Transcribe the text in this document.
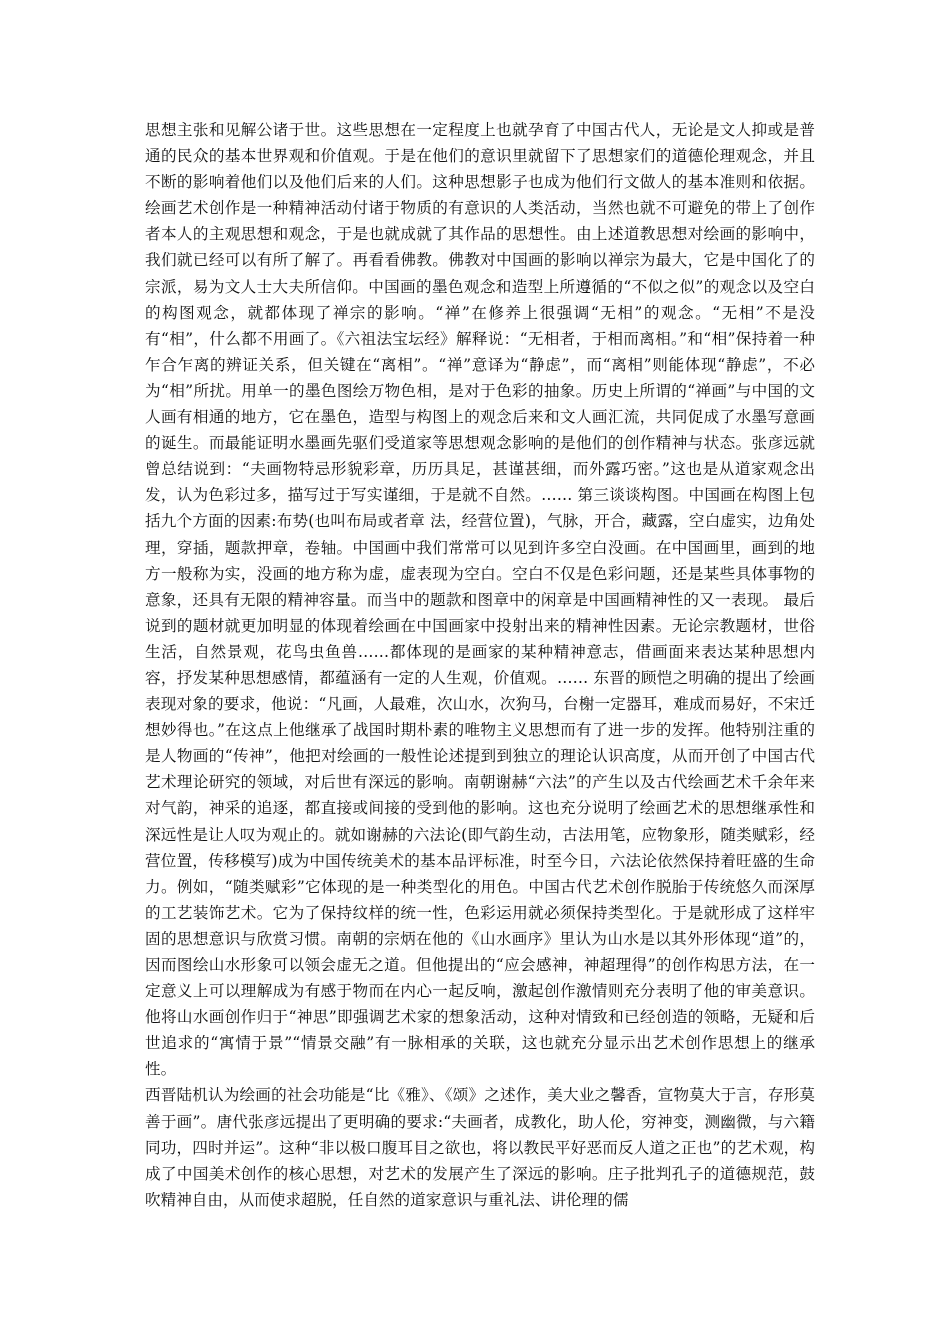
思想主张和见解公诸于世。这些思想在一定程度上也就孕育了中国古代人，无论是文人抑或是普通的民众的基本世界观和价值观。于是在他们的意识里就留下了思想家们的道德伦理观念，并且不断的影响着他们以及他们后来的人们。这种思想影子也成为他们行文做人的基本准则和依据。绘画艺术创作是一种精神活动付诸于物质的有意识的人类活动，当然也就不可避免的带上了创作者本人的主观思想和观念，于是也就成就了其作品的思想性。由上述道教思想对绘画的影响中，我们就已经可以有所了解了。再看看佛教。佛教对中国画的影响以禅宗为最大，它是中国化了的宗派，易为文人士大夫所信仰。中国画的墨色观念和造型上所遵循的“不似之似”的观念以及空白的构图观念，就都体现了禅宗的影响。“禅”在修养上很强调“无相”的观念。“无相”不是没有“相”，什么都不用画了。《六祖法宝坛经》解释说：“无相者，于相而离相。”和“相”保持着一种乍合乍离的辨证关系，但关键在“离相”。“禅”意译为“静虑”，而“离相”则能体现“静虑”，不必为“相”所扰。用单一的墨色图绘万物色相，是对于色彩的抽象。历史上所谓的“禅画”与中国的文人画有相通的地方，它在墨色，造型与构图上的观念后来和文人画汇流，共同促成了水墨写意画的诞生。而最能证明水墨画先驱们受道家等思想观念影响的是他们的创作精神与状态。张彦远就曾总结说到：“夫画物特忌形貌彩章，历历具足，甚谨甚细，而外露巧密。”这也是从道家观念出发，认为色彩过多，描写过于写实谨细，于是就不自然。…… 第三谈谈构图。中国画在构图上包括九个方面的因素:布势(也叫布局或者章 法，经营位置)，气脉，开合，藏露，空白虚实，边角处理，穿插，题款押章，卷轴。中国画中我们常常可以见到许多空白没画。在中国画里，画到的地方一般称为实，没画的地方称为虚，虚表现为空白。空白不仅是色彩问题，还是某些具体事物的意象，还具有无限的精神容量。而当中的题款和图章中的闲章是中国画精神性的又一表现。 最后说到的题材就更加明显的体现着绘画在中国画家中投射出来的精神性因素。无论宗教题材，世俗生活，自然景观，花鸟虫鱼兽……都体现的是画家的某种精神意志，借画面来表达某种思想内容，抒发某种思想感情，都蕴涵有一定的人生观，价值观。…… 东晋的顾恺之明确的提出了绘画表现对象的要求，他说：“凡画，人最难，次山水，次狗马，台榭一定器耳，难成而易好，不宋迁想妙得也。”在这点上他继承了战国时期朴素的唯物主义思想而有了进一步的发挥。他特别注重的是人物画的“传神”，他把对绘画的一般性论述提到到独立的理论认识高度，从而开创了中国古代艺术理论研究的领域，对后世有深远的影响。南朝谢赫“六法”的产生以及古代绘画艺术千余年来对气韵，神采的追逐，都直接或间接的受到他的影响。这也充分说明了绘画艺术的思想继承性和深远性是让人叹为观止的。就如谢赫的六法论(即气韵生动，古法用笔，应物象形，随类赋彩，经营位置，传移模写)成为中国传统美术的基本品评标准，时至今日，六法论依然保持着旺盛的生命力。例如，“随类赋彩”它体现的是一种类型化的用色。中国古代艺术创作脱胎于传统悠久而深厚的工艺装饰艺术。它为了保持纹样的统一性，色彩运用就必须保持类型化。于是就形成了这样牢固的思想意识与欣赏习惯。南朝的宗炳在他的《山水画序》里认为山水是以其外形体现“道”的，因而图绘山水形象可以领会虚无之道。但他提出的“应会感神，神超理得”的创作构思方法，在一定意义上可以理解成为有感于物而在内心一起反响，激起创作激情则充分表明了他的审美意识。他将山水画创作归于“神思”即强调艺术家的想象活动，这种对情致和已经创造的领略，无疑和后世追求的“寓情于景”“情景交融”有一脉相承的关联，这也就充分显示出艺术创作思想上的继承性。

西晋陆机认为绘画的社会功能是“比《雅》、《颂》之述作，美大业之馨香，宣物莫大于言，存形莫善于画”。唐代张彦远提出了更明确的要求:“夫画者，成教化，助人伦，穷神变，测幽微，与六籍同功，四时并运”。这种“非以极口腹耳目之欲也，将以教民平好恶而反人道之正也”的艺术观，构成了中国美术创作的核心思想，对艺术的发展产生了深远的影响。庄子批判孔子的道德规范，鼓吹精神自由，从而使求超脱，任自然的道家意识与重礼法、讲伦理的儒
